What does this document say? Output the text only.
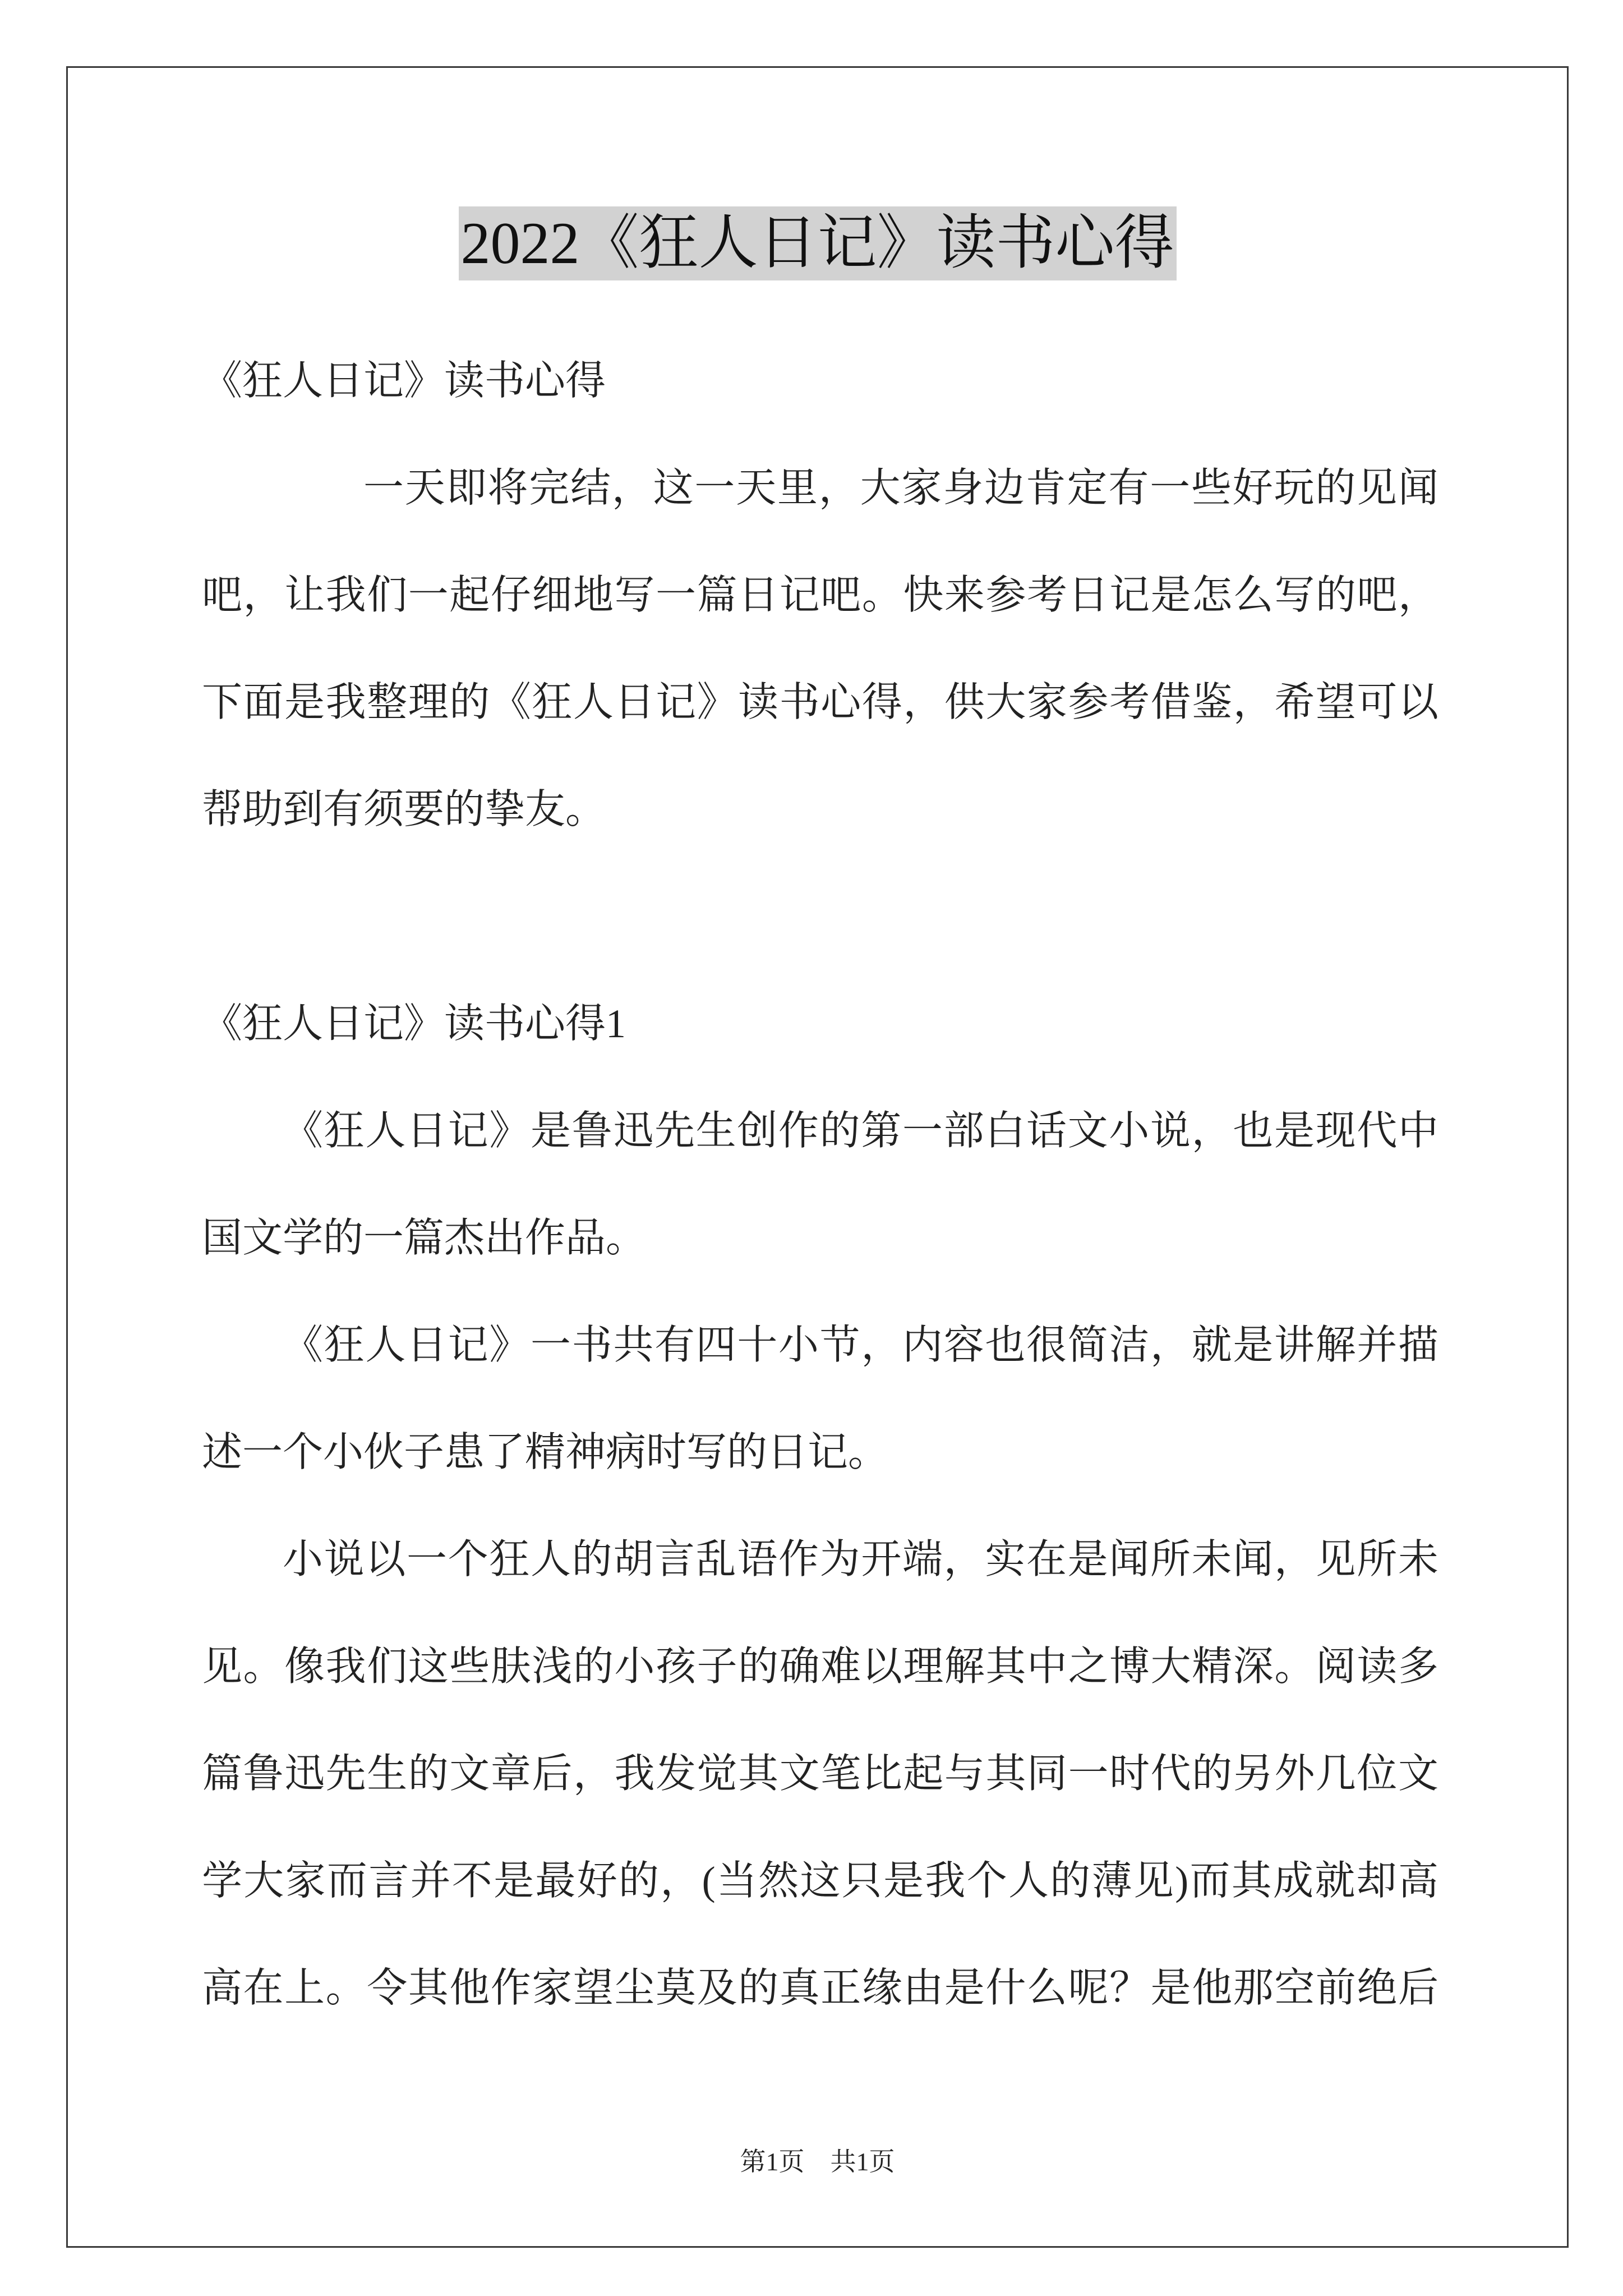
2022《狂人日记》读书心得
《狂人日记》读书心得
一天即将完结，这一天里，大家身边肯定有一些好玩的见闻
吧，让我们一起仔细地写一篇日记吧。快来参考日记是怎么写的吧，
下面是我整理的《狂人日记》读书心得，供大家参考借鉴，希望可以
帮助到有须要的挚友。
《狂人日记》读书心得1
《狂人日记》是鲁迅先生创作的第一部白话文小说，也是现代中
国文学的一篇杰出作品。
《狂人日记》一书共有四十小节，内容也很简洁，就是讲解并描
述一个小伙子患了精神病时写的日记。
小说以一个狂人的胡言乱语作为开端，实在是闻所未闻，见所未
见。像我们这些肤浅的小孩子的确难以理解其中之博大精深。阅读多
篇鲁迅先生的文章后，我发觉其文笔比起与其同一时代的另外几位文
学大家而言并不是最好的，(当然这只是我个人的薄见)而其成就却高
高在上。令其他作家望尘莫及的真正缘由是什么呢？是他那空前绝后
第1页 共1页
